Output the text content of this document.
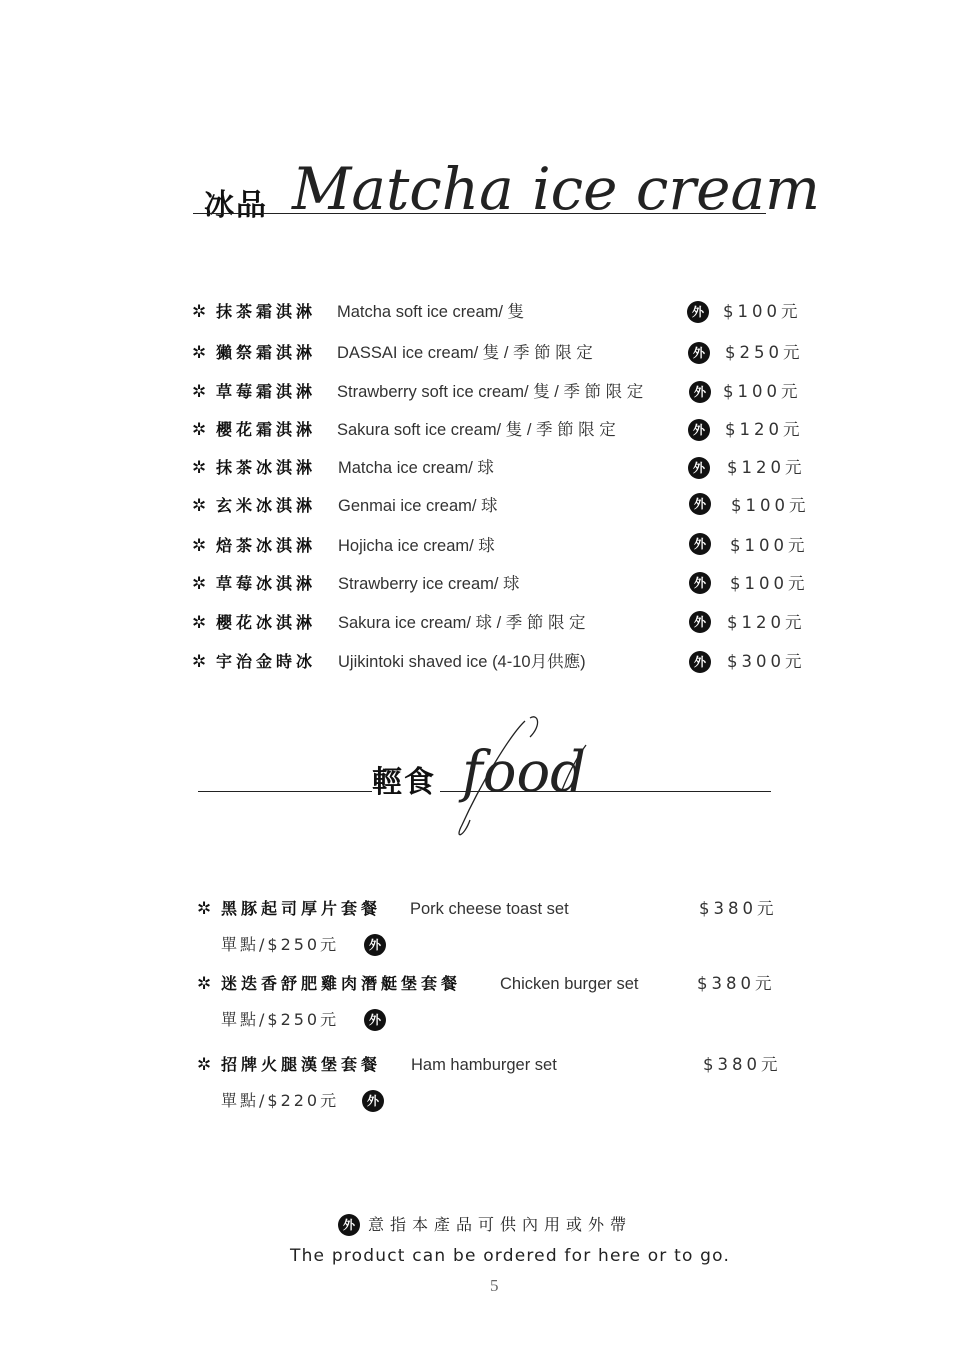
冰品 Matcha ice cream
✲ 抹茶霜淇淋 Matcha soft ice cream/ 隻	外	$100元
✲ 獺祭霜淇淋 DASSAI ice cream/ 隻 / 季 節 限 定	外	$250元
✲ 草莓霜淇淋 Strawberry soft ice cream/ 隻 / 季 節 限 定	外	$100元
✲ 櫻花霜淇淋 Sakura soft ice cream/ 隻 / 季 節 限 定	外	$120元
✲ 抹茶冰淇淋 Matcha ice cream/ 球	外	$120元
✲ 玄米冰淇淋 Genmai ice cream/ 球	外	$100元
✲ 焙茶冰淇淋 Hojicha ice cream/ 球	外	$100元
✲ 草莓冰淇淋 Strawberry ice cream/ 球	外	$100元
✲ 櫻花冰淇淋 Sakura ice cream/ 球 / 季 節 限 定	外	$120元
✲ 宇治金時冰 Ujikintoki shaved ice (4-10月供應)	外	$300元
輕食 food
✲ 黑豚起司厚片套餐 Pork cheese toast set	$380元
單點/$250元	外
✲ 迷迭香舒肥雞肉潛艇堡套餐 Chicken burger set	$380元
單點/$250元	外
✲ 招牌火腿漢堡套餐 Ham hamburger set	$380元
單點/$220元	外
外 意指本產品可供內用或外帶
The product can be ordered for here or to go.
5
